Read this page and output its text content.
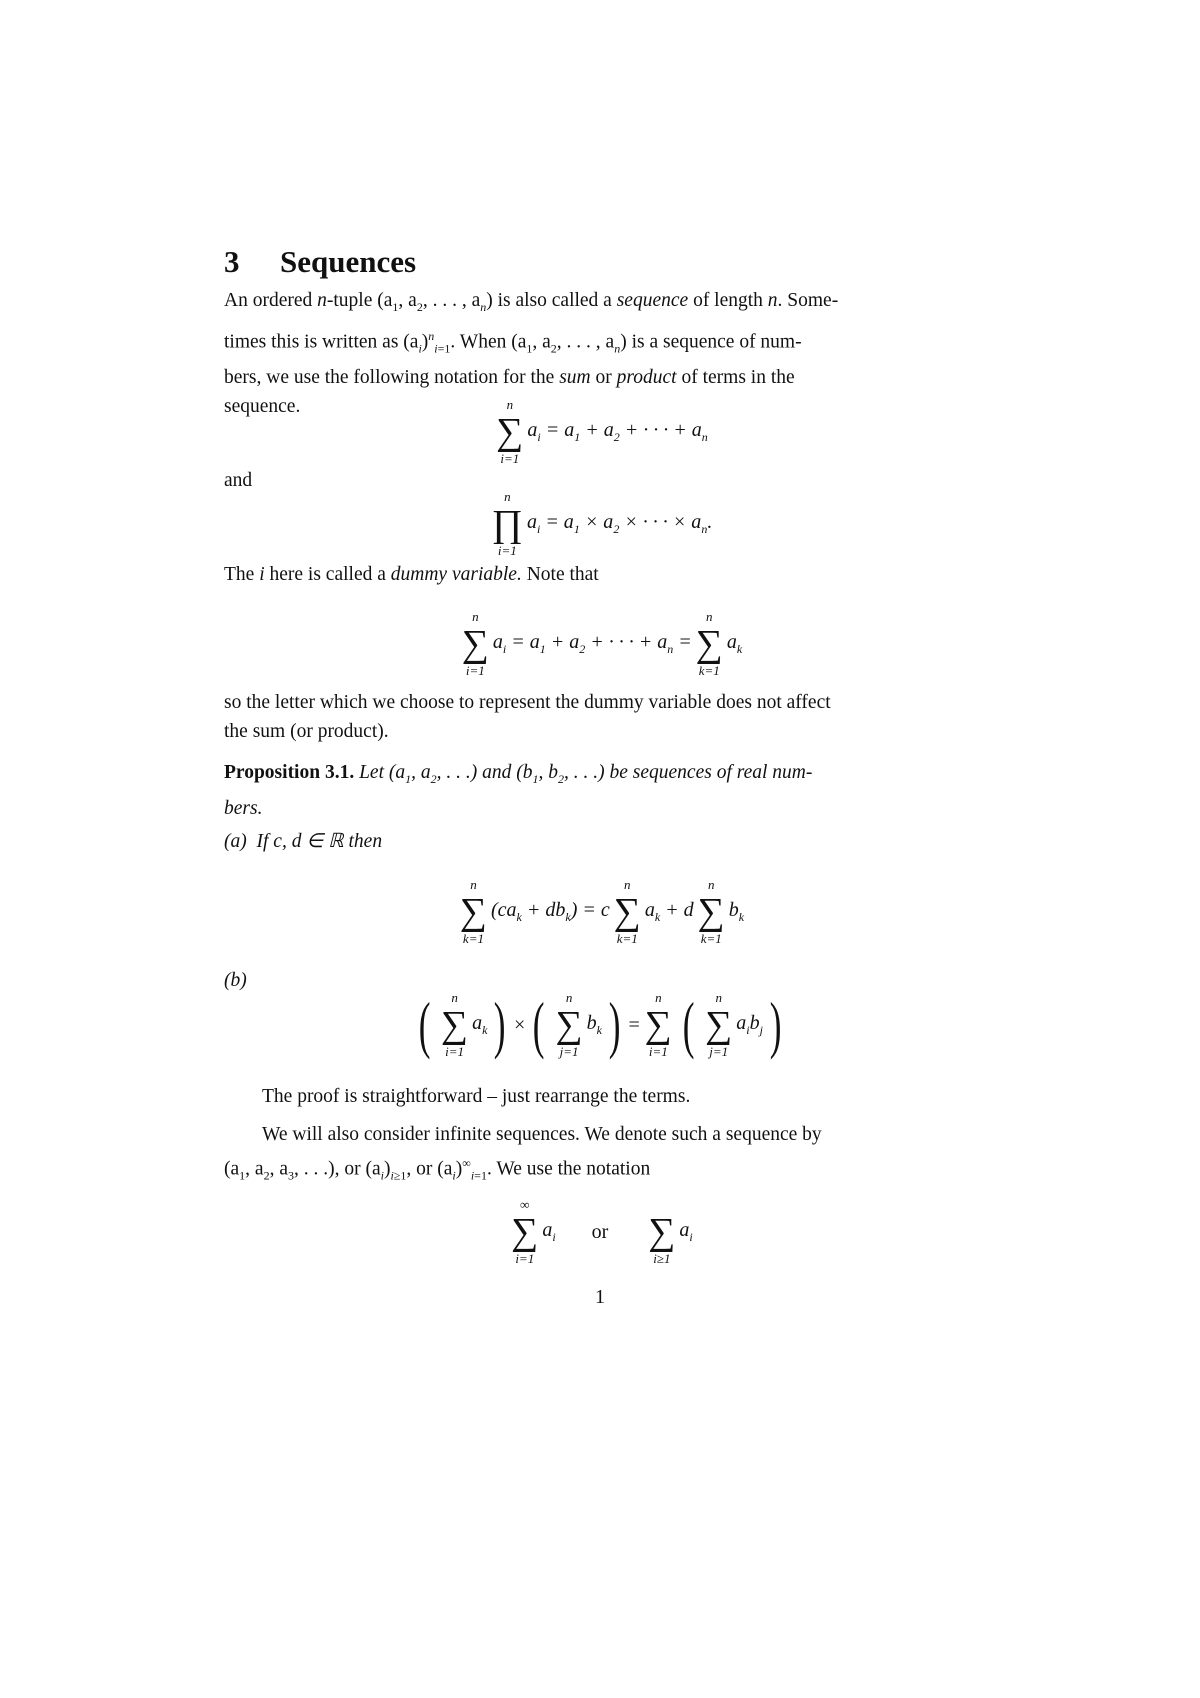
3 Sequences
An ordered n-tuple ($a_1$, $a_2$, . . . , $a_n$) is also called a sequence of length n. Some-
times this is written as $(a_i)^n_{i=1}$. When ($a_1$, $a_2$, . . . , $a_n$) is a sequence of num-
bers, we use the following notation for the sum or product of terms in the
sequence.	n
∑
i=1
$a_i = a_1 + a_2$ + · · · + $a_n$
and
n
∏
i=1
$a_i = a_1 \times a_2$ × · · · × $a_n$.
The i here is called a dummy variable. Note that
n
∑
i=1
$a_i = a_1 + a_2$ + · · · + $a_n$ =
n
∑
k=1
$a_k$
so the letter which we choose to represent the dummy variable does not affect
the sum (or product).
Proposition 3.1. Let ($a_1$, $a_2$, . . .) and ($b_1$, $b_2$, . . .) be sequences of real num-
bers.
(a) If c, d ∈ ℝ then
n
∑
k=1
$(ca_k + db_k) = c$
n
∑
k=1
$a_k + d$
n
∑
k=1
$b_k$
(b)
( n
∑
i=1
$a_k$ ) × ( n
∑
j=1
$b_k$ ) =
n
∑
i=1 ( n
∑
j=1
$a_ib_j$ )
The proof is straightforward – just rearrange the terms.
We will also consider infinite sequences. We denote such a sequence by
($a_1$, $a_2$, $a_3$, . . .), or $(a_i)_{i\ge 1}$, or $(a_i)^\infty_{i=1}$. We use the notation
∞
∑
i=1
$a_i$ or
∑
i≥1
$a_i$
1
